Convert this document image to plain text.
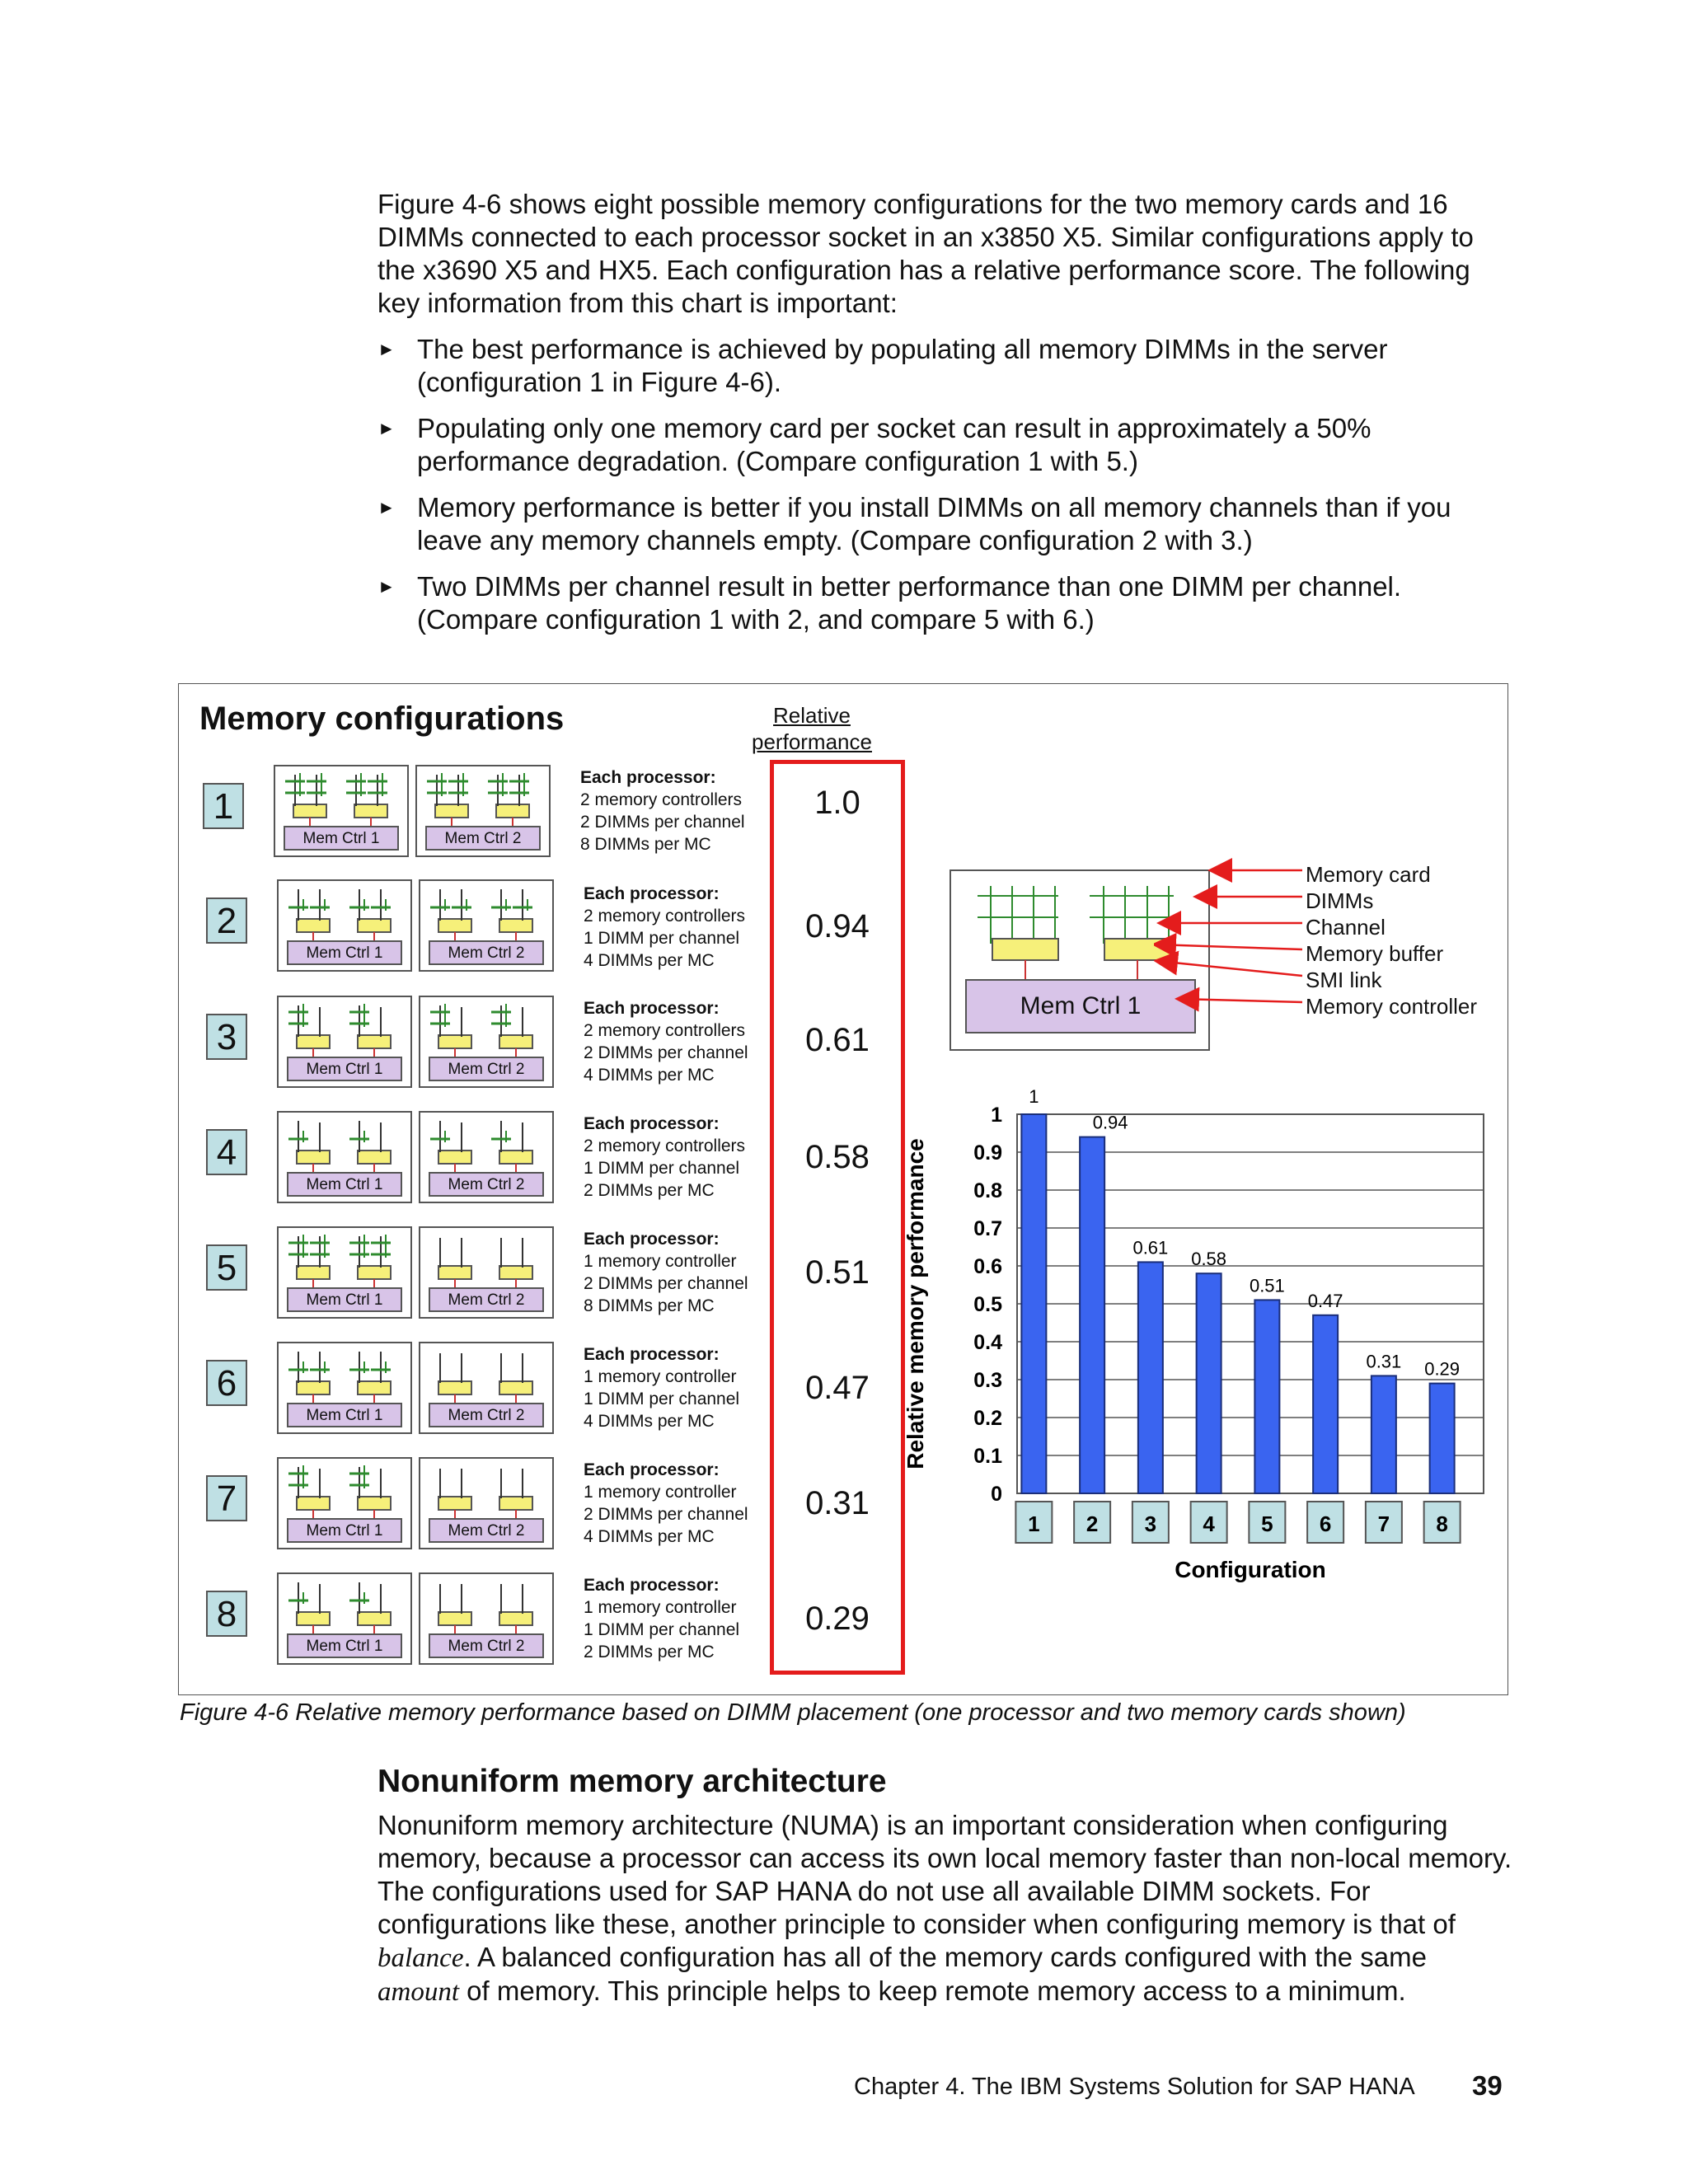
Figure 4-6 shows eight possible memory configurations for the two memory cards and 16 DIMMs connected to each processor socket in an x3850 X5. Similar configurations apply to the x3690 X5 and HX5. Each configuration has a relative performance score. The following key information from this chart is important:
► The best performance is achieved by populating all memory DIMMs in the server (configuration 1 in Figure 4-6).
► Populating only one memory card per socket can result in approximately a 50% performance degradation. (Compare configuration 1 with 5.)
► Memory performance is better if you install DIMMs on all memory channels than if you leave any memory channels empty. (Compare configuration 2 with 3.)
► Two DIMMs per channel result in better performance than one DIMM per channel. (Compare configuration 1 with 2, and compare 5 with 6.)
Memory configurations	Relative
performance
1
Mem Ctrl 1	Mem Ctrl 2
Each processor:
2 memory controllers
2 DIMMs per channel
8 DIMMs per MC
1.0
2
Mem Ctrl 1	Mem Ctrl 2
Each processor:
2 memory controllers
1 DIMM per channel
4 DIMMs per MC
0.94
3
Mem Ctrl 1	Mem Ctrl 2
Each processor:
2 memory controllers
2 DIMMs per channel
4 DIMMs per MC
0.61
4
Mem Ctrl 1	Mem Ctrl 2
Each processor:
2 memory controllers
1 DIMM per channel
2 DIMMs per MC
0.58
5
Mem Ctrl 1	Mem Ctrl 2
Each processor:
1 memory controller
2 DIMMs per channel
8 DIMMs per MC
0.51
6
Mem Ctrl 1	Mem Ctrl 2
Each processor:
1 memory controller
1 DIMM per channel
4 DIMMs per MC
0.47
7
Mem Ctrl 1	Mem Ctrl 2
Each processor:
1 memory controller
2 DIMMs per channel
4 DIMMs per MC
0.31
8
Mem Ctrl 1	Mem Ctrl 2
Each processor:
1 memory controller
1 DIMM per channel
2 DIMMs per MC
0.29
Mem Ctrl 1
Memory card
DIMMs
Channel
Memory buffer
SMI link
Memory controller
0
0.1
0.2
0.3
0.4
0.5
0.6
0.7
0.8
0.9
1
1
1
0.94
2
0.61
3
0.58
4
0.51
5
0.47
6
0.31
7
0.29
8
Configuration
Relative memory performance
Figure 4-6 Relative memory performance based on DIMM placement (one processor and two memory cards shown)
Nonuniform memory architecture
Nonuniform memory architecture (NUMA) is an important consideration when configuring memory, because a processor can access its own local memory faster than non-local memory. The configurations used for SAP HANA do not use all available DIMM sockets. For configurations like these, another principle to consider when configuring memory is that of balance. A balanced configuration has all of the memory cards configured with the same amount of memory. This principle helps to keep remote memory access to a minimum.
Chapter 4. The IBM Systems Solution for SAP HANA 39
